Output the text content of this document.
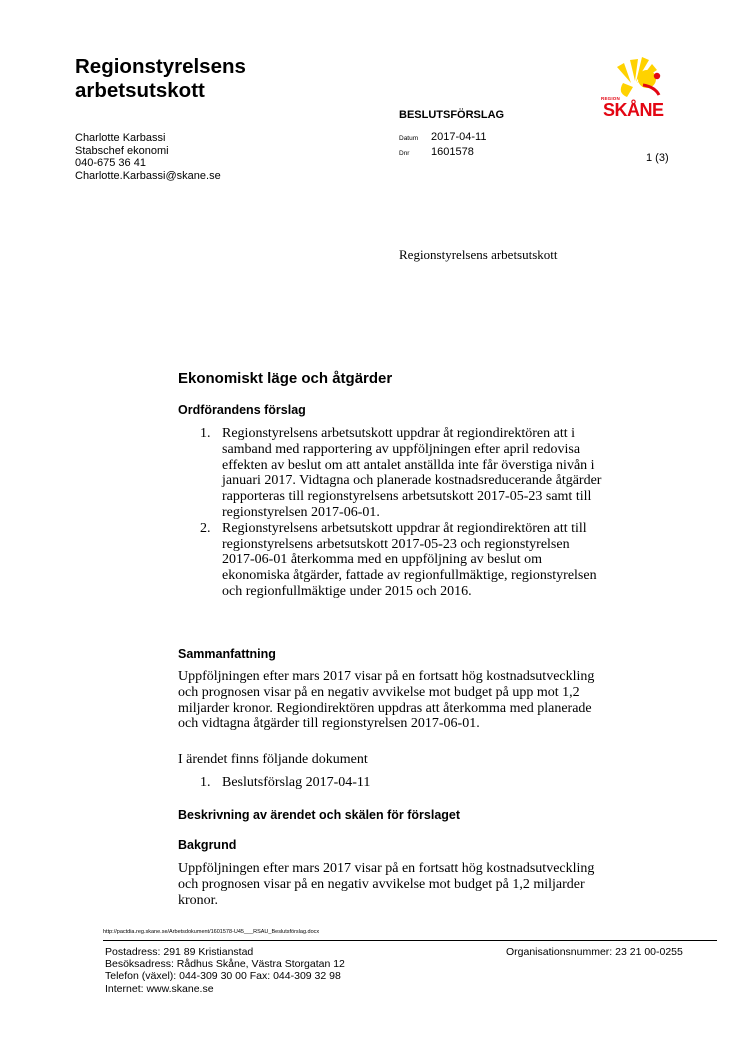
Regionstyrelsens
arbetsutskott
BESLUTSFÖRSLAG
Charlotte Karbassi
Stabschef ekonomi
040-675 36 41
Charlotte.Karbassi@skane.se
Datum 2017-04-11
Dnr 1601578	1 (3)
REGION
SKÅNE
Regionstyrelsens arbetsutskott
Ekonomiskt läge och åtgärder
Ordförandens förslag
1. Regionstyrelsens arbetsutskott uppdrar åt regiondirektören att i
samband med rapportering av uppföljningen efter april redovisa
effekten av beslut om att antalet anställda inte får överstiga nivån i
januari 2017. Vidtagna och planerade kostnadsreducerande åtgärder
rapporteras till regionstyrelsens arbetsutskott 2017-05-23 samt till
regionstyrelsen 2017-06-01.
2. Regionstyrelsens arbetsutskott uppdrar åt regiondirektören att till
regionstyrelsens arbetsutskott 2017-05-23 och regionstyrelsen
2017-06-01 återkomma med en uppföljning av beslut om
ekonomiska åtgärder, fattade av regionfullmäktige, regionstyrelsen
och regionfullmäktige under 2015 och 2016.
Sammanfattning
Uppföljningen efter mars 2017 visar på en fortsatt hög kostnadsutveckling
och prognosen visar på en negativ avvikelse mot budget på upp mot 1,2
miljarder kronor. Regiondirektören uppdras att återkomma med planerade
och vidtagna åtgärder till regionstyrelsen 2017-06-01.
I ärendet finns följande dokument
1. Beslutsförslag 2017-04-11
Beskrivning av ärendet och skälen för förslaget
Bakgrund
Uppföljningen efter mars 2017 visar på en fortsatt hög kostnadsutveckling
och prognosen visar på en negativ avvikelse mot budget på 1,2 miljarder
kronor.
http://pactdia.reg.skane.se/Arbetsdokument/1601578-U45___RSAU_Beslutsförslag.docx
Postadress: 291 89 Kristianstad
Besöksadress: Rådhus Skåne, Västra Storgatan 12
Telefon (växel): 044-309 30 00 Fax: 044-309 32 98
Internet: www.skane.se
Organisationsnummer: 23 21 00-0255
